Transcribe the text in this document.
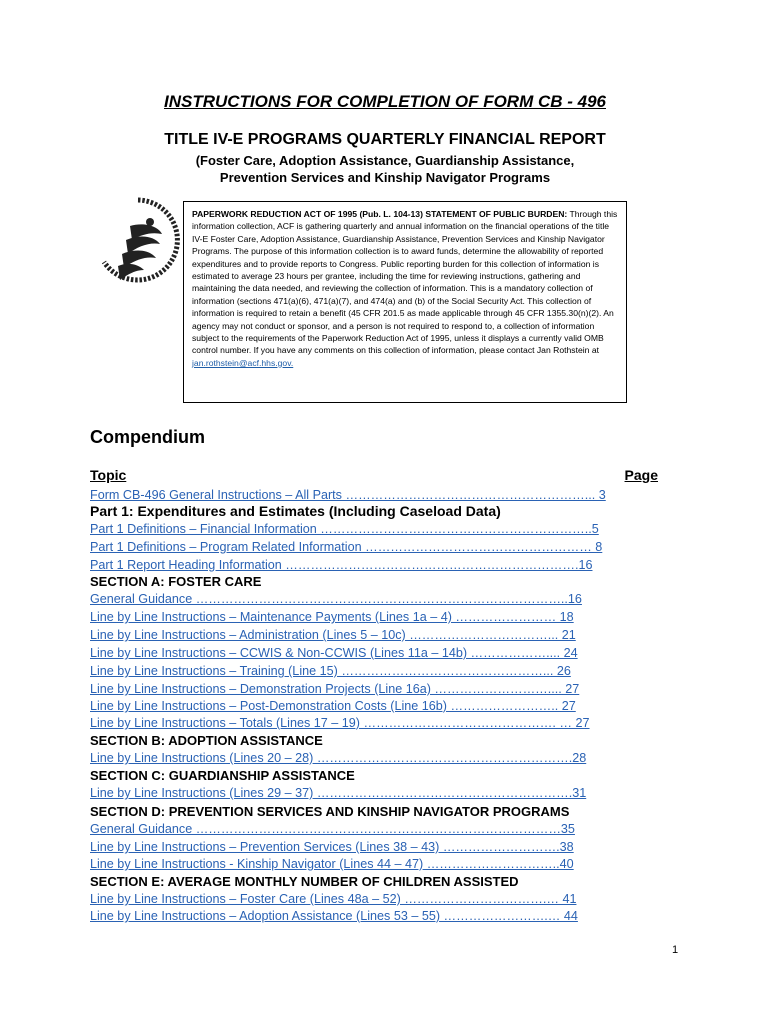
INSTRUCTIONS FOR COMPLETION OF FORM CB - 496
TITLE IV-E PROGRAMS QUARTERLY FINANCIAL REPORT
(Foster Care, Adoption Assistance, Guardianship Assistance,
Prevention Services and Kinship Navigator Programs
PAPERWORK REDUCTION ACT OF 1995 (Pub. L. 104-13) STATEMENT OF PUBLIC BURDEN: Through this information collection, ACF is gathering quarterly and annual information on the financial operations of the title IV-E Foster Care, Adoption Assistance, Guardianship Assistance, Prevention Services and Kinship Navigator Programs. The purpose of this information collection is to award funds, determine the allowability of reported expenditures and to provide reports to Congress. Public reporting burden for this collection of information is estimated to average 23 hours per grantee, including the time for reviewing instructions, gathering and maintaining the data needed, and reviewing the collection of information. This is a mandatory collection of information (sections 471(a)(6), 471(a)(7), and 474(a) and (b) of the Social Security Act. This collection of information is required to retain a benefit (45 CFR 201.5 as made applicable through 45 CFR 1355.30(n)(2). An agency may not conduct or sponsor, and a person is not required to respond to, a collection of information subject to the requirements of the Paperwork Reduction Act of 1995, unless it displays a currently valid OMB control number. If you have any comments on this collection of information, please contact Jan Rothstein at jan.rothstein@acf.hhs.gov.
Compendium
Topic	Page
Form CB-496 General Instructions – All Parts …………………………………………………... 3
Part 1: Expenditures and Estimates (Including Caseload Data)
Part 1 Definitions – Financial Information ………………………………………………………..5
Part 1 Definitions – Program Related Information ……………………………………………… 8
Part 1 Report Heading Information …………………………………………………………….16
SECTION A: FOSTER CARE
General Guidance ……………………………………………………………………………..16
Line by Line Instructions – Maintenance Payments (Lines 1a – 4) …………………… 18
Line by Line Instructions – Administration (Lines 5 – 10c) ……………………………... 21
Line by Line Instructions – CCWIS & Non-CCWIS (Lines 11a – 14b) ……………….... 24
Line by Line Instructions – Training (Line 15) …………………………………………... 26
Line by Line Instructions – Demonstration Projects (Line 16a) ……………………….... 27
Line by Line Instructions – Post-Demonstration Costs (Line 16b) …………………….. 27
Line by Line Instructions – Totals (Lines 17 – 19) ………………………………………. … 27
SECTION B: ADOPTION ASSISTANCE
Line by Line Instructions (Lines 20 – 28) …………………………………………………….28
SECTION C: GUARDIANSHIP ASSISTANCE
Line by Line Instructions (Lines 29 – 37) …………………………………………………….31
SECTION D: PREVENTION SERVICES AND KINSHIP NAVIGATOR PROGRAMS
General Guidance ……………………………………………………………………………35
Line by Line Instructions – Prevention Services (Lines 38 – 43) ……………………….38
Line by Line Instructions - Kinship Navigator (Lines 44 – 47) …………………………..40
SECTION E: AVERAGE MONTHLY NUMBER OF CHILDREN ASSISTED
Line by Line Instructions – Foster Care (Lines 48a – 52) …………………………….… 41
Line by Line Instructions – Adoption Assistance (Lines 53 – 55) …………………….… 44
1
